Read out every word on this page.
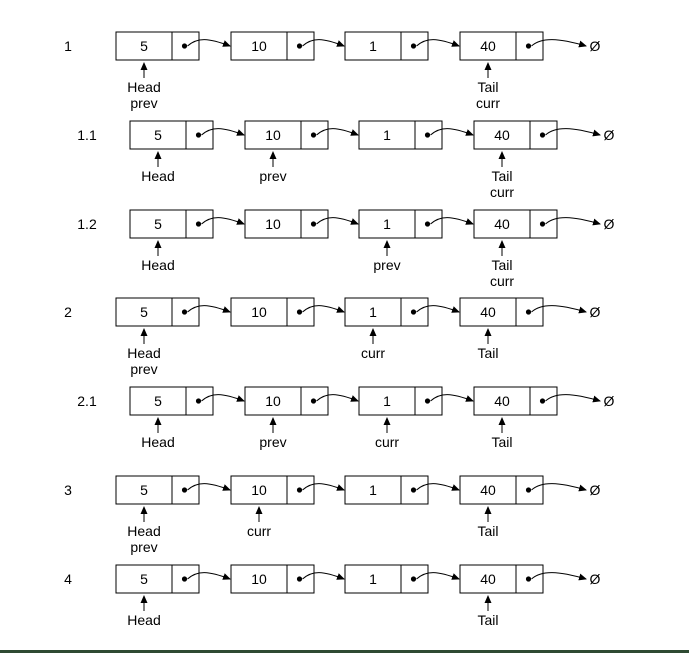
1	5
Head
prev
10	1	40	Ø
Tail
curr
1.1	5
Head
10
prev
1	40	Ø
Tail
curr
1.2	5
Head
10	1
prev
40	Ø
Tail
curr
2	5
Head
prev
10	1
curr
40	Ø
Tail
2.1	5
Head
10
prev
1
curr
40	Ø
Tail
3	5
Head
prev
10
curr
1	40	Ø
Tail
4	5
Head
10	1	40	Ø
Tail
